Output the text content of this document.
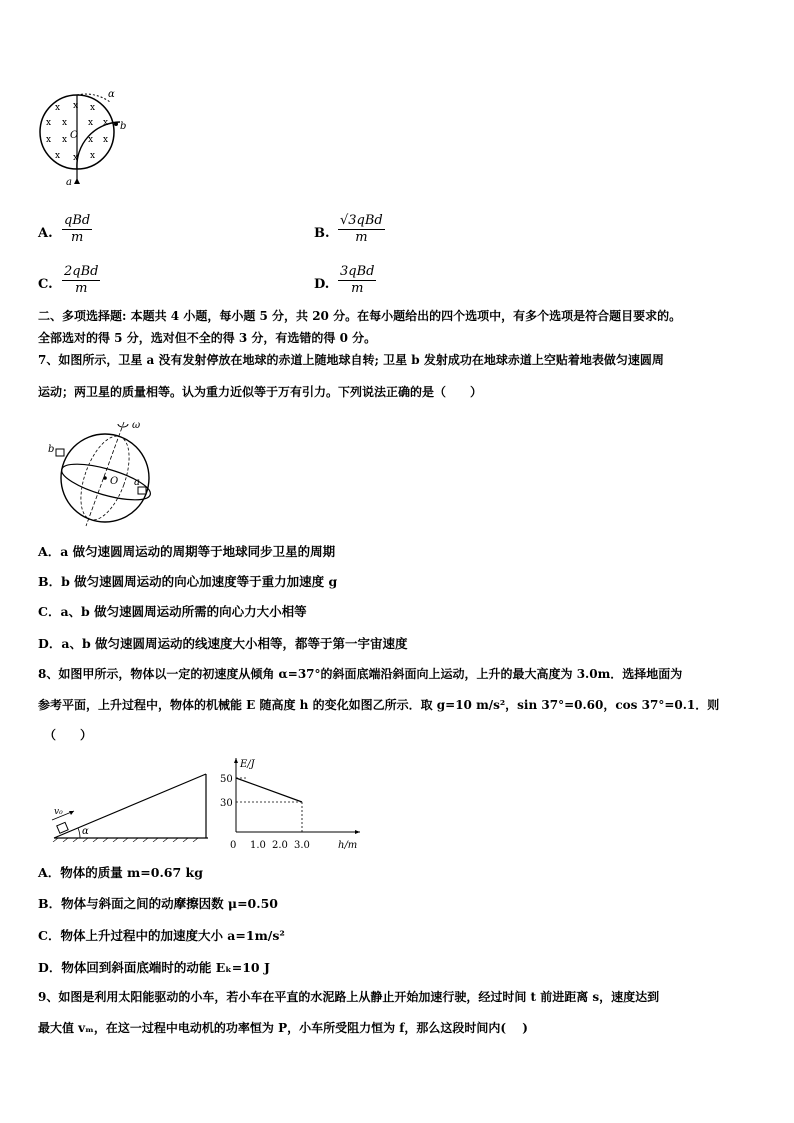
x x x
x x x x
x x x x
x x x
O
b
a
α
A.
qBd
m	B.
√3qBd
m
C.
2qBd
m	D.
3qBd
m
二、多项选择题: 本题共 4 小题，每小题 5 分，共 20 分。在每小题给出的四个选项中，有多个选项是符合题目要求的。
全部选对的得 5 分，选对但不全的得 3 分，有选错的得 0 分。
7、如图所示，卫星 a 没有发射停放在地球的赤道上随地球自转; 卫星 b 发射成功在地球赤道上空贴着地表做匀速圆周
运动；两卫星的质量相等。认为重力近似等于万有引力。下列说法正确的是（　　）
ω
O
b
a
A．a 做匀速圆周运动的周期等于地球同步卫星的周期
B．b 做匀速圆周运动的向心加速度等于重力加速度 g
C．a、b 做匀速圆周运动所需的向心力大小相等
D．a、b 做匀速圆周运动的线速度大小相等，都等于第一宇宙速度
8、如图甲所示，物体以一定的初速度从倾角 α=37°的斜面底端沿斜面向上运动，上升的最大高度为 3.0m．选择地面为
参考平面，上升过程中，物体的机械能 E 随高度 h 的变化如图乙所示．取 g=10 m/s²，sin 37°=0.60，cos 37°=0.1．则
（　　）
v₀
α
E/J
50
30
0 1.0 2.0 3.0	h/m
A．物体的质量 m=0.67 kg
B．物体与斜面之间的动摩擦因数 μ=0.50
C．物体上升过程中的加速度大小 a=1m/s²
D．物体回到斜面底端时的动能 Eₖ=10 J
9、如图是利用太阳能驱动的小车，若小车在平直的水泥路上从静止开始加速行驶，经过时间 t 前进距离 s，速度达到
最大值 vₘ，在这一过程中电动机的功率恒为 P，小车所受阻力恒为 f，那么这段时间内(　 )
